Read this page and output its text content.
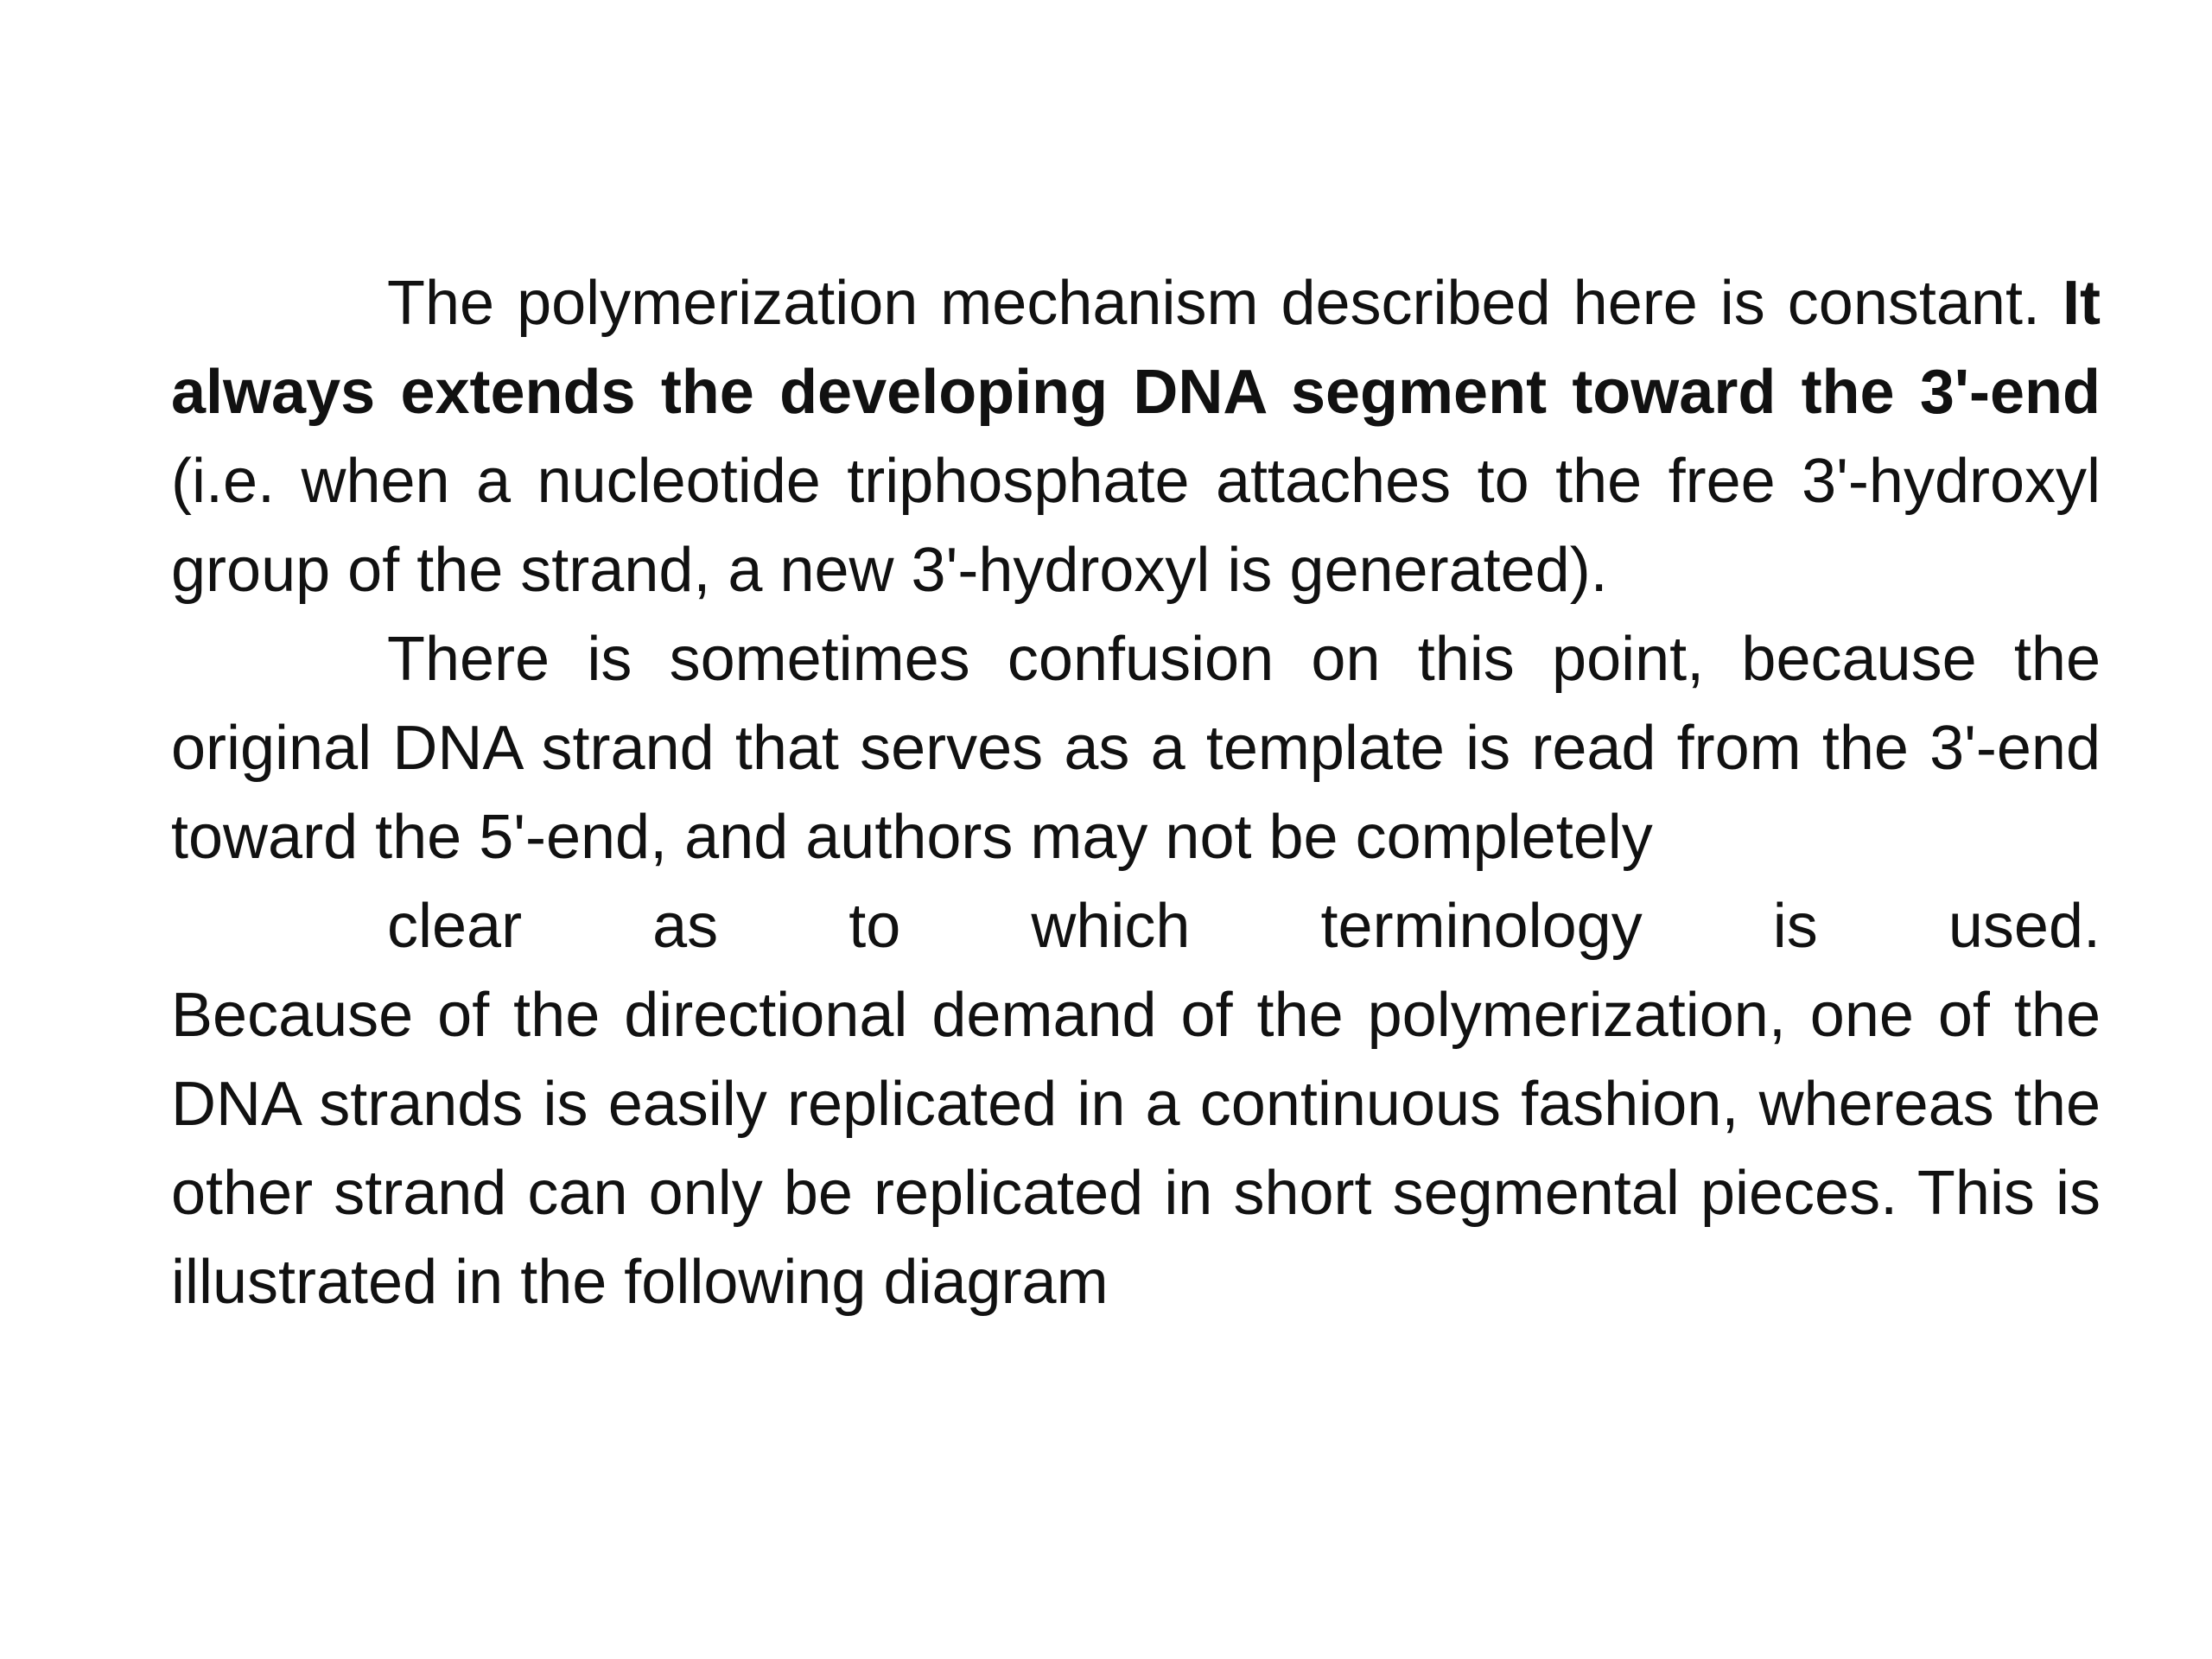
The polymerization mechanism described here is constant. It always extends the developing DNA segment toward the 3'-end (i.e. when a nucleotide triphosphate attaches to the free 3'-hydroxyl group of the strand, a new 3'-hydroxyl is generated).

There is sometimes confusion on this point, because the original DNA strand that serves as a template is read from the 3'-end toward the 5'-end, and authors may not be completely
clear as to which terminology is used.
Because of the directional demand of the polymerization, one of the DNA strands is easily replicated in a continuous fashion, whereas the other strand can only be replicated in short segmental pieces. This is illustrated in the following diagram
